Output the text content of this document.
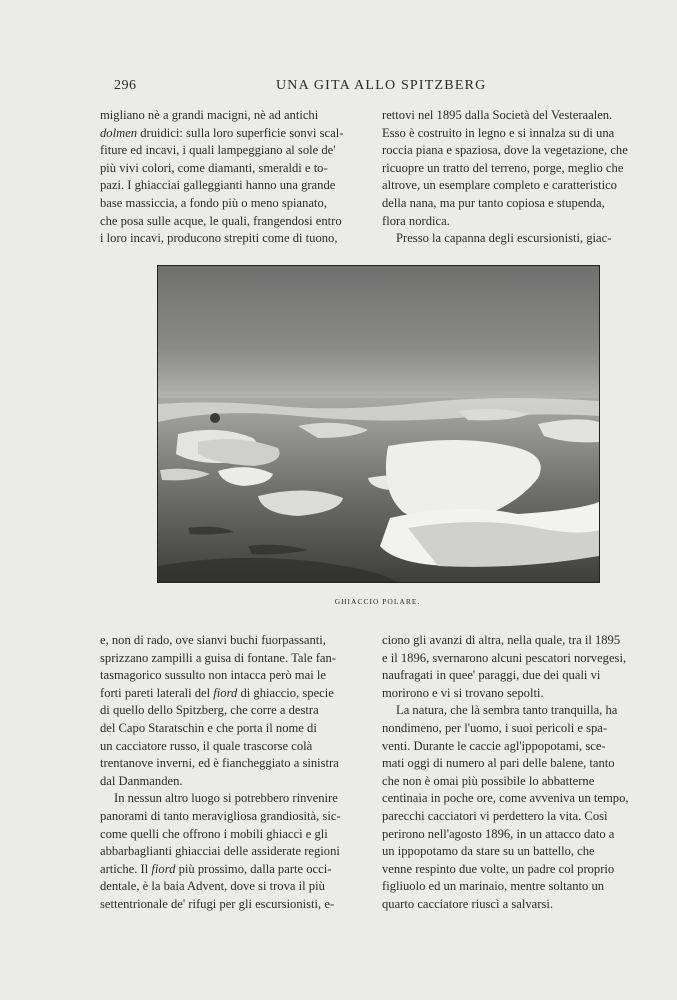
296	UNA GITA ALLO SPITZBERG

migliano nè a grandi macigni, nè ad antichi
dolmen druidici: sulla loro superficie sonvi scal-
fiture ed incavi, i quali lampeggiano al sole de'
più vivi colori, come diamanti, smeraldi e to-
pazi. I ghiacciai galleggianti hanno una grande
base massiccia, a fondo più o meno spianato,
che posa sulle acque, le quali, frangendosi entro
i loro incavi, producono strepiti come di tuono,

rettovi nel 1895 dalla Società del Vesteraalen.
Esso è costruito in legno e si innalza su di una
roccia piana e spaziosa, dove la vegetazione, che
ricuopre un tratto del terreno, porge, meglio che
altrove, un esemplare completo e caratteristico
della nana, ma pur tanto copiosa e stupenda,
flora nordica.

Presso la capanna degli escursionisti, giac-

GHIACCIO POLARE.

e, non di rado, ove sianvi buchi fuorpassanti,
sprizzano zampilli a guisa di fontane. Tale fan-
tasmagorico sussulto non intacca però mai le
forti pareti laterali del fiord di ghiaccio, specie
di quello dello Spitzberg, che corre a destra
del Capo Staratschin e che porta il nome di
un cacciatore russo, il quale trascorse colà
trentanove inverni, ed è fiancheggiato a sinistra
dal Danmanden.

In nessun altro luogo si potrebbero rinvenire
panorami di tanto meravigliosa grandiosità, sic-
come quelli che offrono i mobili ghiacci e gli
abbarbaglianti ghiacciai delle assiderate regioni
artiche. Il fiord più prossimo, dalla parte occi-
dentale, è la baia Advent, dove si trova il più
settentrionale de' rifugi per gli escursionisti, e-

ciono gli avanzi di altra, nella quale, tra il 1895
e il 1896, svernarono alcuni pescatori norvegesi,
naufragati in quee' paraggi, due dei quali vi
morirono e vi si trovano sepolti.

La natura, che là sembra tanto tranquilla, ha
nondimeno, per l'uomo, i suoi pericoli e spa-
venti. Durante le caccie agl'ippopotami, sce-
mati oggi di numero al pari delle balene, tanto
che non è omai più possibile lo abbatterne
centinaia in poche ore, come avveniva un tempo,
parecchi cacciatori vi perdettero la vita. Così
perirono nell'agosto 1896, in un attacco dato a
un ippopotamo da stare su un battello, che
venne respinto due volte, un padre col proprio
figliuolo ed un marinaio, mentre soltanto un
quarto cacciatore riuscì a salvarsi.
